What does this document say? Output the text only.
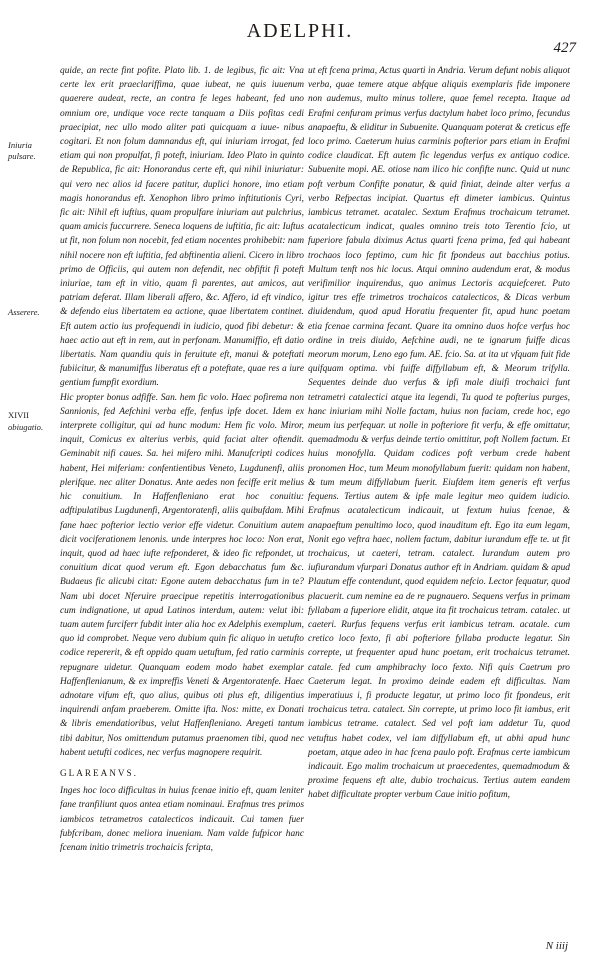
ADELPHI.
427
Iniuria
pulsare.
Asserere.
XIVII
obiugatio.

quide, an recte fint pofite. Plato lib. 1. de legibus, fic ait: Vna certe lex erit praeclariffima, quae iubeat, ne quis iuuenum quaerere audeat, recte, an contra fe leges habeant, fed uno omnium ore, undique voce recte tanquam a Diis pofitas cedi praecipiat, nec ullo modo aliter pati quicquam a iuue- nibus cogitari. Et non folum damnandus eft, qui iniuriam irrogat, fed etiam qui non propulfat, fi poteft, iniuriam. Ideo Plato in quinto de Republica, fic ait: Honorandus certe eft, qui nihil iniuriatur: qui vero nec alios id facere patitur, duplici honore, imo etiam magis honorandus eft. Xenophon libro primo inftitutionis Cyri, fic ait: Nihil eft iuftius, quam propulfare iniuriam aut pulchrius, quam amicis fuccurrere. Seneca loquens de iuftitia, fic ait: Iuftus ut fit, non folum non nocebit, fed etiam nocentes prohibebit: nam nihil nocere non eft iuftitia, fed abftinentia alieni. Cicero in libro primo de Officiis, qui autem non defendit, nec obfiftit fi poteft iniuriae, tam eft in vitio, quam fi parentes, aut amicos, aut patriam deferat. Illam liberali affero, &c. Affero, id eft vindico, & defendo eius libertatem ea actione, quae libertatem continet. Eft autem actio ius profequendi in iudicio, quod fibi debetur: & haec actio aut eft in rem, aut in perfonam. Manumiffio, eft datio libertatis. Nam quandiu quis in feruitute eft, manui & poteftati fubiicitur, & manumiffus liberatus eft a poteftate, quae res a iure gentium fumpfit exordium.

Hic propter bonus adfiffe. San. hem fic volo. Haec pofirema non Sannionis, fed Aefchini verba effe, fenfus ipfe docet. Idem ex interprete colligitur, qui ad hunc modum: Hem fic volo. Miror, inquit, Comicus ex alterius verbis, quid faciat alter oftendit. Geminabit nifi caues. Sa. hei mifero mihi. Manufcripti codices habent, Hei miferiam: confentientibus Veneto, Lugdunenfi, aliis plerifque. nec aliter Donatus. Ante aedes non feciffe erit melius hic conuitium. In Haffenfleniano erat hoc conuitiu: adftipulatibus Lugdunenfi, Argentoratenfi, aliis quibufdam. Mihi fane haec pofterior lectio verior effe videtur. Conuitium autem dicit vociferationem lenonis. unde interpres hoc loco: Non erat, inquit, quod ad haec iufte refponderet, & ideo fic refpondet, ut conuitium dicat quod verum eft. Egon debacchatus fum &c. Budaeus fic alicubi citat: Egone autem debacchatus fum in te? Nam ubi docet Nferuire praecipue repetitis interrogationibus cum indignatione, ut apud Latinos interdum, autem: velut ibi: tuam autem furciferr fubdit inter alia hoc ex Adelphis exemplum, quo id comprobet. Neque vero dubium quin fic aliquo in uetufto codice repererit, & eft oppido quam uetuftum, fed ratio carminis repugnare uidetur. Quanquam eodem modo habet exemplar Haffenflenianum, & ex impreffis Veneti & Argentoratenfe. Haec adnotare vifum eft, quo alius, quibus oti plus eft, diligentius inquirendi anfam praeberem. Omitte ifta. Nos: mitte, ex Donati & libris emendatioribus, velut Haffenfleniano. Aregeti tantum tibi dabitur, Nos omittendum putamus praenomen tibi, quod nec habent uetufti codices, nec verfus magnopere requirit.

GLAREANVS.

Inges hoc loco difficultas in huius fcenae initio eft, quam leniter fane tranfiliunt quos antea etiam nominaui. Erafmus tres primos iambicos tetrametros catalecticos indicauit. Cui tamen fuer fubfcribam, donec meliora inueniam. Nam valde fufpicor hanc fcenam initio trimetris trochaicis fcripta,

ut eft fcena prima, Actus quarti in Andria. Verum defunt nobis aliquot verba, quae temere atque abfque aliquis exemplaris fide imponere non audemus, multo minus tollere, quae femel recepta. Itaque ad Erafmi cenfuram primus verfus dactylum habet loco primo, fecundus anapaeftu, & eliditur in Subuenite. Quanquam poterat & creticus effe loco primo. Caeterum huius carminis pofterior pars etiam in Erafmi codice claudicat. Eft autem fic legendus verfus ex antiquo codice. Subuenite mopi. AE. otiose nam ilico hic confifte nunc. Quid ut nunc poft verbum Confifte ponatur, & quid finiat, deinde alter verfus a verbo Refpectas incipiat. Quartus eft dimeter iambicus. Quintus iambicus tetramet. acatalec. Sextum Erafmus trochaicum tetramet. acatalecticum indicat, quales omnino treis toto Terentio fcio, ut fuperiore fabula diximus Actus quarti fcena prima, fed qui habeant trochaos loco feptimo, cum hic fit fpondeus aut bacchius potius. Multum tenft nos hic locus. Atqui omnino audendum erat, & modus verifimilior inquirendus, quo animus Lectoris acquiefceret. Puto igitur tres effe trimetros trochaicos catalecticos, & Dicas verbum diuidendum, quod apud Horatiu frequenter fit, apud hunc poetam etia fcenae carmina fecant. Quare ita omnino duos hofce verfus hoc ordine in treis diuido, Aefchine audi, ne te ignarum fuiffe dicas meorum morum, Leno ego fum. AE. fcio. Sa. at ita ut vfquam fuit fide quifquam optima. vbi fuiffe diffyllabum eft, & Meorum trifylla. Sequentes deinde duo verfus & ipfi male diuifi trochaici funt tetrametri catalectici atque ita legendi, Tu quod te pofterius purges, hanc iniuriam mihi Nolle factam, huius non faciam, crede hoc, ego meum ius perfequar. ut nolle in pofteriore fit verfu, & effe omittatur, quemadmodu & verfus deinde tertio omittitur, poft Nollem factum. Et huius monofylla. Quidam codices poft verbum crede habent pronomen Hoc, tum Meum monofyllabum fuerit: quidam non habent, & tum meum diffyllabum fuerit. Eiufdem item generis eft verfus fequens. Tertius autem & ipfe male legitur meo quidem iudicio. Erafmus acatalecticum indicauit, ut fextum huius fcenae, & anapaeftum penultimo loco, quod inauditum eft. Ego ita eum legam, Nonit ego veftra haec, nollem factum, dabitur iurandum effe te. ut fit trochaicus, ut caeteri, tetram. catalect. Iurandum autem pro iufiurandum vfurpari Donatus author eft in Andriam. quidam & apud Plautum effe contendunt, quod equidem nefcio. Lector fequatur, quod placuerit. cum nemine ea de re pugnauero. Sequens verfus in primam fyllabam a fuperiore elidit, atque ita fit trochaicus tetram. catalec. ut caeteri. Rurfus fequens verfus erit iambicus tetram. acatale. cum cretico loco fexto, fi abi pofteriore fyllaba producte legatur. Sin correpte, ut frequenter apud hunc poetam, erit trochaicus tetramet. catale. fed cum amphibrachy loco fexto. Nifi quis Caetrum pro Caeterum legat. In proximo deinde eadem eft difficultas. Nam imperatiuus i, fi producte legatur, ut primo loco fit fpondeus, erit trochaicus tetra. catalect. Sin correpte, ut primo loco fit iambus, erit iambicus tetrame. catalect. Sed vel poft iam addetur Tu, quod vetuftus habet codex, vel iam diffyllabum eft, ut abhi apud hunc poetam, atque adeo in hac fcena paulo poft. Erafmus certe iambicum indicauit. Ego malim trochaicum ut praecedentes, quemadmodum & proxime fequens eft alte, dubio trochaicus. Tertius autem eandem habet difficultate propter verbum Caue initio pofitum,

N iiij
